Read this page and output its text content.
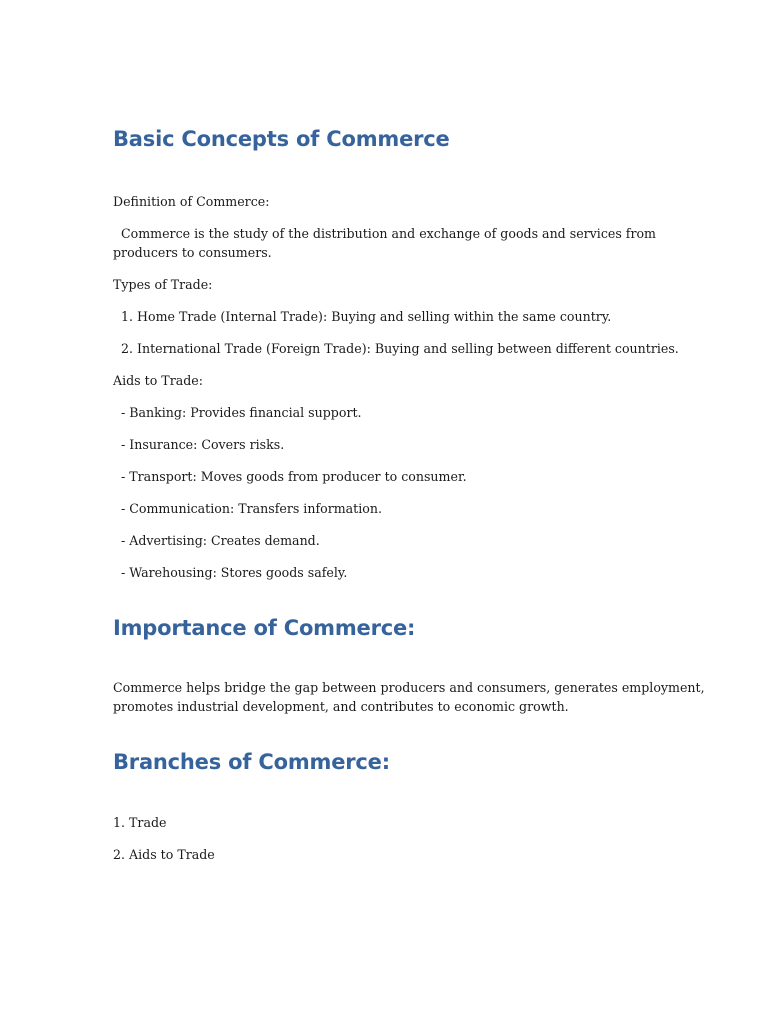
Basic Concepts of Commerce

Definition of Commerce:

Commerce is the study of the distribution and exchange of goods and services from

producers to consumers.

Types of Trade:

1. Home Trade (Internal Trade): Buying and selling within the same country.

2. International Trade (Foreign Trade): Buying and selling between different countries.

Aids to Trade:

- Banking: Provides financial support.

- Insurance: Covers risks.

- Transport: Moves goods from producer to consumer.

- Communication: Transfers information.

- Advertising: Creates demand.

- Warehousing: Stores goods safely.

Importance of Commerce:

Commerce helps bridge the gap between producers and consumers, generates employment,

promotes industrial development, and contributes to economic growth.

Branches of Commerce:

1. Trade

2. Aids to Trade
